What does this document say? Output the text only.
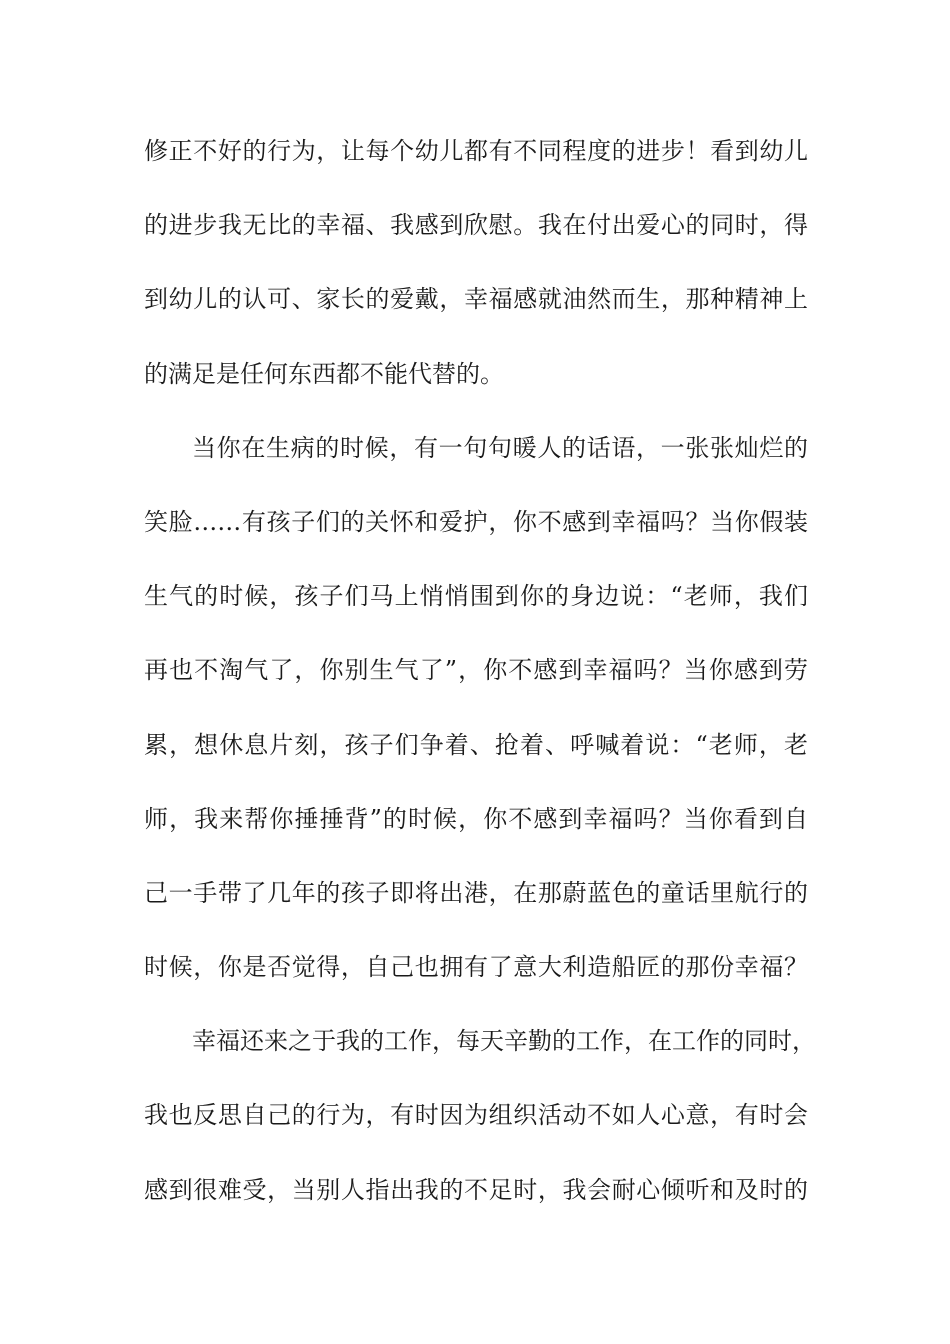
修正不好的行为，让每个幼儿都有不同程度的进步！看到幼儿
的进步我无比的幸福、我感到欣慰。我在付出爱心的同时，得
到幼儿的认可、家长的爱戴，幸福感就油然而生，那种精神上
的满足是任何东西都不能代替的。
当你在生病的时候，有一句句暖人的话语，一张张灿烂的
笑脸……有孩子们的关怀和爱护，你不感到幸福吗？当你假装
生气的时候，孩子们马上悄悄围到你的身边说：“老师，我们
再也不淘气了，你别生气了”，你不感到幸福吗？当你感到劳
累，想休息片刻，孩子们争着、抢着、呼喊着说：“老师，老
师，我来帮你捶捶背”的时候，你不感到幸福吗？当你看到自
己一手带了几年的孩子即将出港，在那蔚蓝色的童话里航行的
时候，你是否觉得，自己也拥有了意大利造船匠的那份幸福？
幸福还来之于我的工作，每天辛勤的工作，在工作的同时，
我也反思自己的行为，有时因为组织活动不如人心意，有时会
感到很难受，当别人指出我的不足时，我会耐心倾听和及时的
